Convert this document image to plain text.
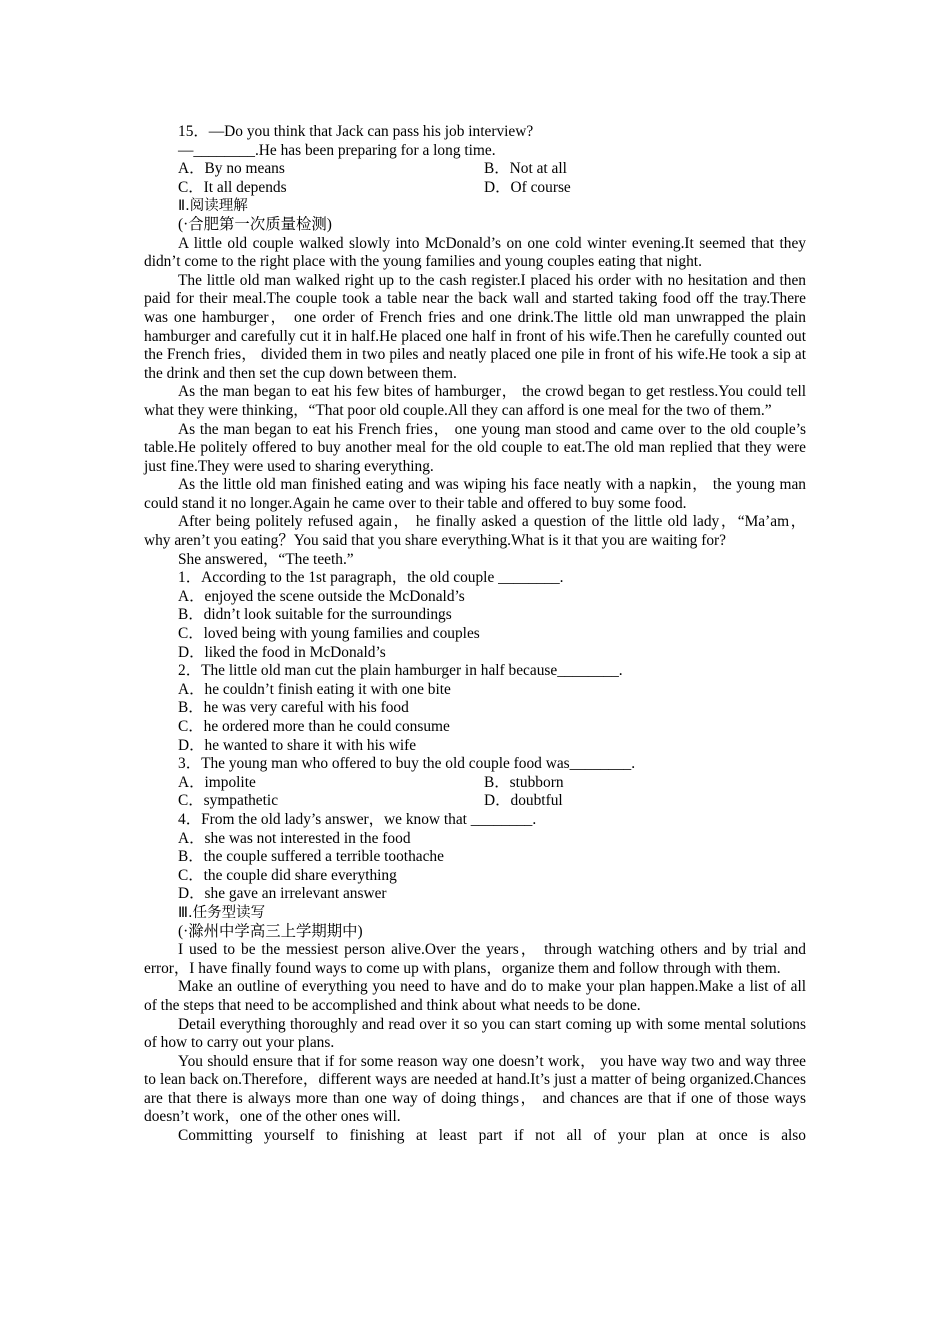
15．—Do you think that Jack can pass his job interview?
—________.He has been preparing for a long time.
A．By no means	B．Not at all
C．It all depends	D．Of course
Ⅱ.阅读理解
(·合肥第一次质量检测)
A little old couple walked slowly into McDonald’s on one cold winter evening.It seemed that they didn’t come to the right place with the young families and young couples eating that night.
The little old man walked right up to the cash register.I placed his order with no hesitation and then paid for their meal.The couple took a table near the back wall and started taking food off the tray.There was one hamburger， one order of French fries and one drink.The little old man unwrapped the plain hamburger and carefully cut it in half.He placed one half in front of his wife.Then he carefully counted out the French fries， divided them in two piles and neatly placed one pile in front of his wife.He took a sip at the drink and then set the cup down between them.
As the man began to eat his few bites of hamburger， the crowd began to get restless.You could tell what they were thinking，“That poor old couple.All they can afford is one meal for the two of them.”
As the man began to eat his French fries， one young man stood and came over to the old couple’s table.He politely offered to buy another meal for the old couple to eat.The old man replied that they were just fine.They were used to sharing everything.
As the little old man finished eating and was wiping his face neatly with a napkin， the young man could stand it no longer.Again he came over to their table and offered to buy some food.
After being politely refused again， he finally asked a question of the little old lady，“Ma’am， why aren’t you eating？You said that you share everything.What is it that you are waiting for?
She answered，“The teeth.”
1．According to the 1st paragraph，the old couple ________.
A．enjoyed the scene outside the McDonald’s
B．didn’t look suitable for the surroundings
C．loved being with young families and couples
D．liked the food in McDonald’s
2．The little old man cut the plain hamburger in half because________.
A．he couldn’t finish eating it with one bite
B．he was very careful with his food
C．he ordered more than he could consume
D．he wanted to share it with his wife
3．The young man who offered to buy the old couple food was________.
A．impolite	B．stubborn
C．sympathetic	D．doubtful
4．From the old lady’s answer，we know that ________.
A．she was not interested in the food
B．the couple suffered a terrible toothache
C．the couple did share everything
D．she gave an irrelevant answer
Ⅲ.任务型读写
(·滁州中学高三上学期期中)
I used to be the messiest person alive.Over the years， through watching others and by trial and error，I have finally found ways to come up with plans，organize them and follow through with them.
Make an outline of everything you need to have and do to make your plan happen.Make a list of all of the steps that need to be accomplished and think about what needs to be done.
Detail everything thoroughly and read over it so you can start coming up with some mental solutions of how to carry out your plans.
You should ensure that if for some reason way one doesn’t work， you have way two and way three to lean back on.Therefore，different ways are needed at hand.It’s just a matter of being organized.Chances are that there is always more than one way of doing things， and chances are that if one of those ways doesn’t work，one of the other ones will.
Committing yourself to finishing at least part if not all of your plan at once is also
